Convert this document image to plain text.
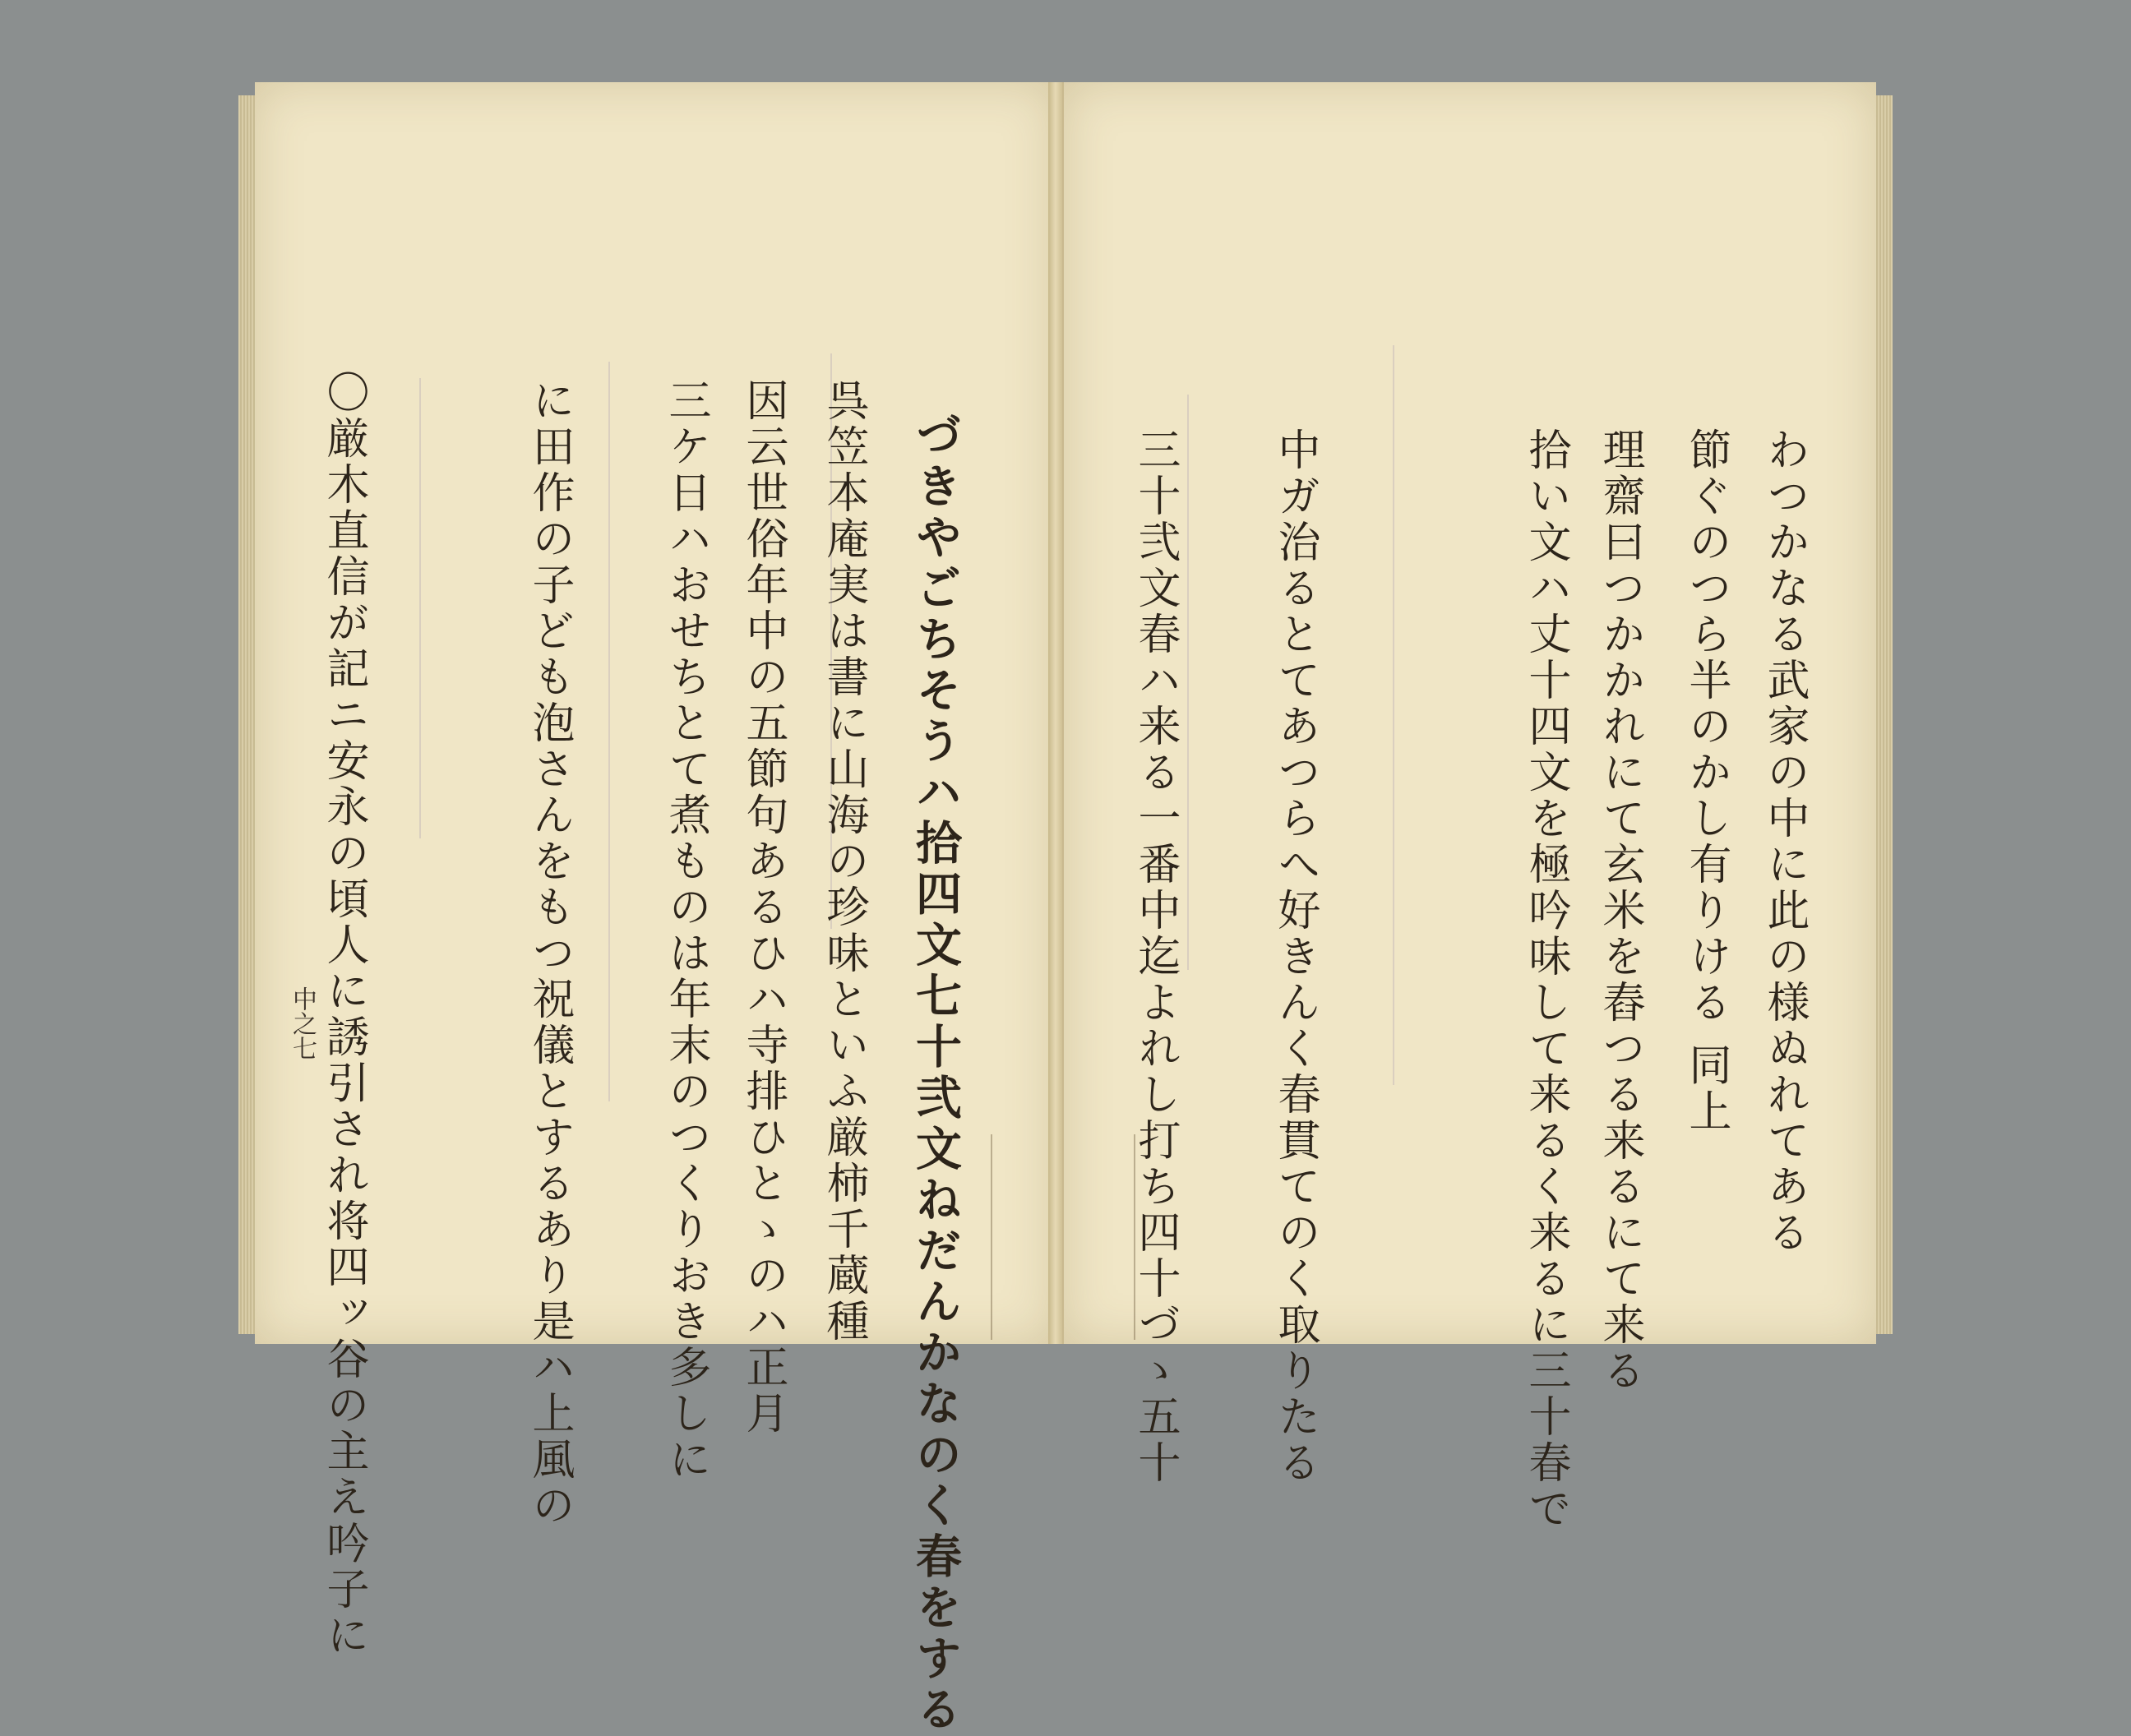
〇厳木直信が記ニ安永の頃人に誘引され将四ッ谷の主え吟子に	に田作の子ども泡さんをもつ祝儀とするあり是ハ上風の 三ケ日ハおせちとて煮ものは年末のつくりおき多しに 因云世俗年中の五節句あるひハ寺排ひとゝのハ正月 呉笠本庵実は書に山海の珍味といふ厳柿千蔵種 づきやごちそうハ拾四文七十弐文ねだんかなのく春をする
中之七	三十弐文春ハ来る一番中迄よれし打ち四十づゝ五十 中ガ治るとてあつらへ好きんく春貫てのく取りたる	拾い文ハ丈十四文を極吟味して来るく来るに三十春で 理齋曰つかかれにて玄米を舂つる来るにて来る 節ぐのつら半のかし有りける 同上 わつかなる武家の中に此の様ぬれてある
